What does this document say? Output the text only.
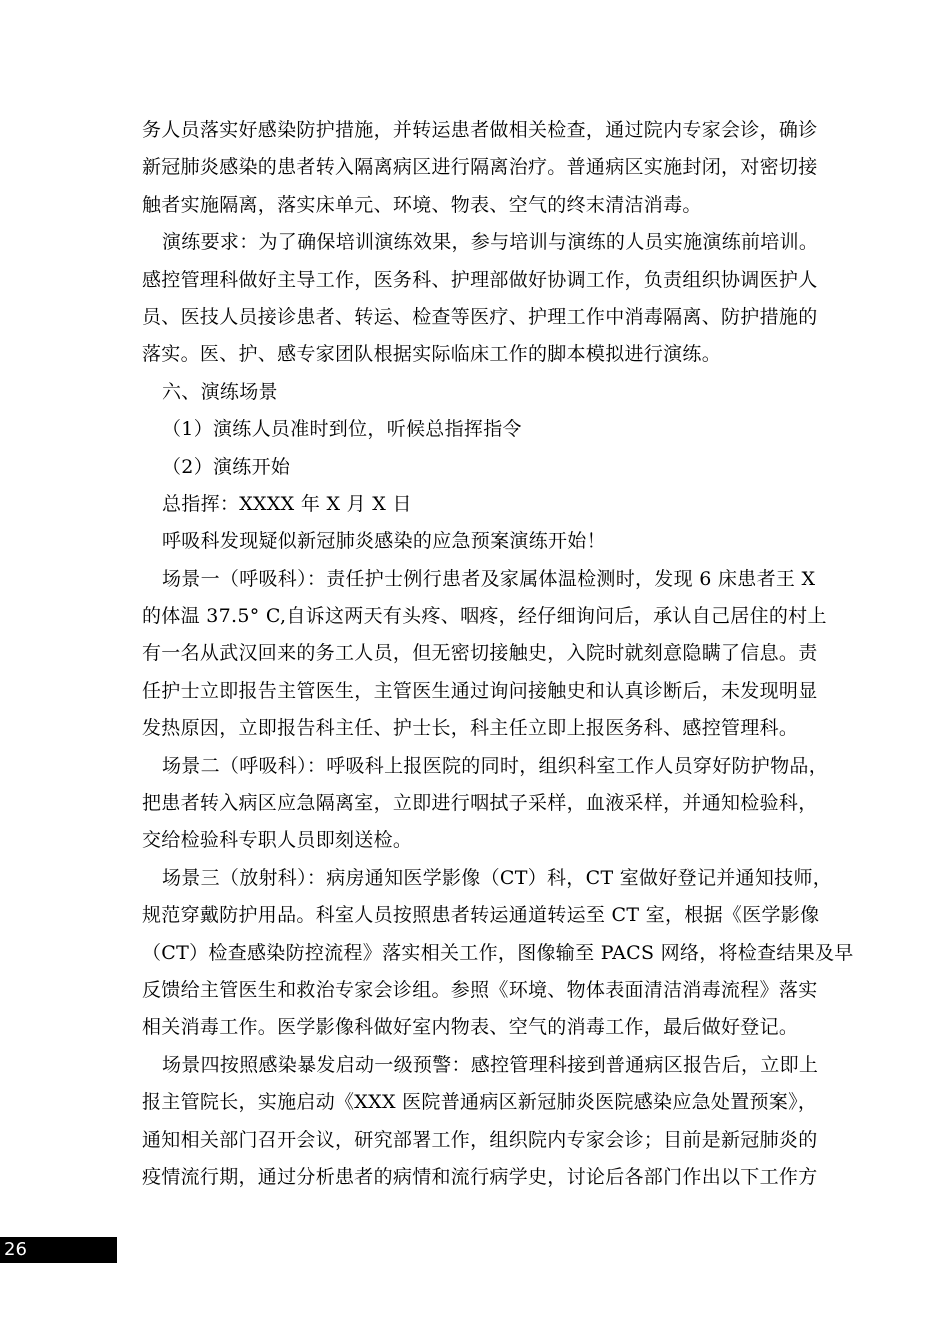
务人员落实好感染防护措施，并转运患者做相关检查，通过院内专家会诊，确诊
新冠肺炎感染的患者转入隔离病区进行隔离治疗。普通病区实施封闭，对密切接
触者实施隔离，落实床单元、环境、物表、空气的终末清洁消毒。
演练要求：为了确保培训演练效果，参与培训与演练的人员实施演练前培训。
感控管理科做好主导工作，医务科、护理部做好协调工作，负责组织协调医护人
员、医技人员接诊患者、转运、检查等医疗、护理工作中消毒隔离、防护措施的
落实。医、护、感专家团队根据实际临床工作的脚本模拟进行演练。
六、演练场景
（1）演练人员准时到位，听候总指挥指令
（2）演练开始
总指挥：XXXX 年 X 月 X 日
呼吸科发现疑似新冠肺炎感染的应急预案演练开始！
场景一（呼吸科）：责任护士例行患者及家属体温检测时，发现 6 床患者王 X
的体温 37.5° C,自诉这两天有头疼、咽疼，经仔细询问后，承认自己居住的村上
有一名从武汉回来的务工人员，但无密切接触史，入院时就刻意隐瞒了信息。责
任护士立即报告主管医生，主管医生通过询问接触史和认真诊断后，未发现明显
发热原因，立即报告科主任、护士长，科主任立即上报医务科、感控管理科。
场景二（呼吸科）：呼吸科上报医院的同时，组织科室工作人员穿好防护物品，
把患者转入病区应急隔离室，立即进行咽拭子采样，血液采样，并通知检验科，
交给检验科专职人员即刻送检。
场景三（放射科）：病房通知医学影像（CT）科，CT 室做好登记并通知技师，
规范穿戴防护用品。科室人员按照患者转运通道转运至 CT 室，根据《医学影像
（CT）检查感染防控流程》落实相关工作，图像输至 PACS 网络，将检查结果及早
反馈给主管医生和救治专家会诊组。参照《环境、物体表面清洁消毒流程》落实
相关消毒工作。医学影像科做好室内物表、空气的消毒工作，最后做好登记。
场景四按照感染暴发启动一级预警：感控管理科接到普通病区报告后，立即上
报主管院长，实施启动《XXX 医院普通病区新冠肺炎医院感染应急处置预案》，
通知相关部门召开会议，研究部署工作，组织院内专家会诊；目前是新冠肺炎的
疫情流行期，通过分析患者的病情和流行病学史，讨论后各部门作出以下工作方
26
